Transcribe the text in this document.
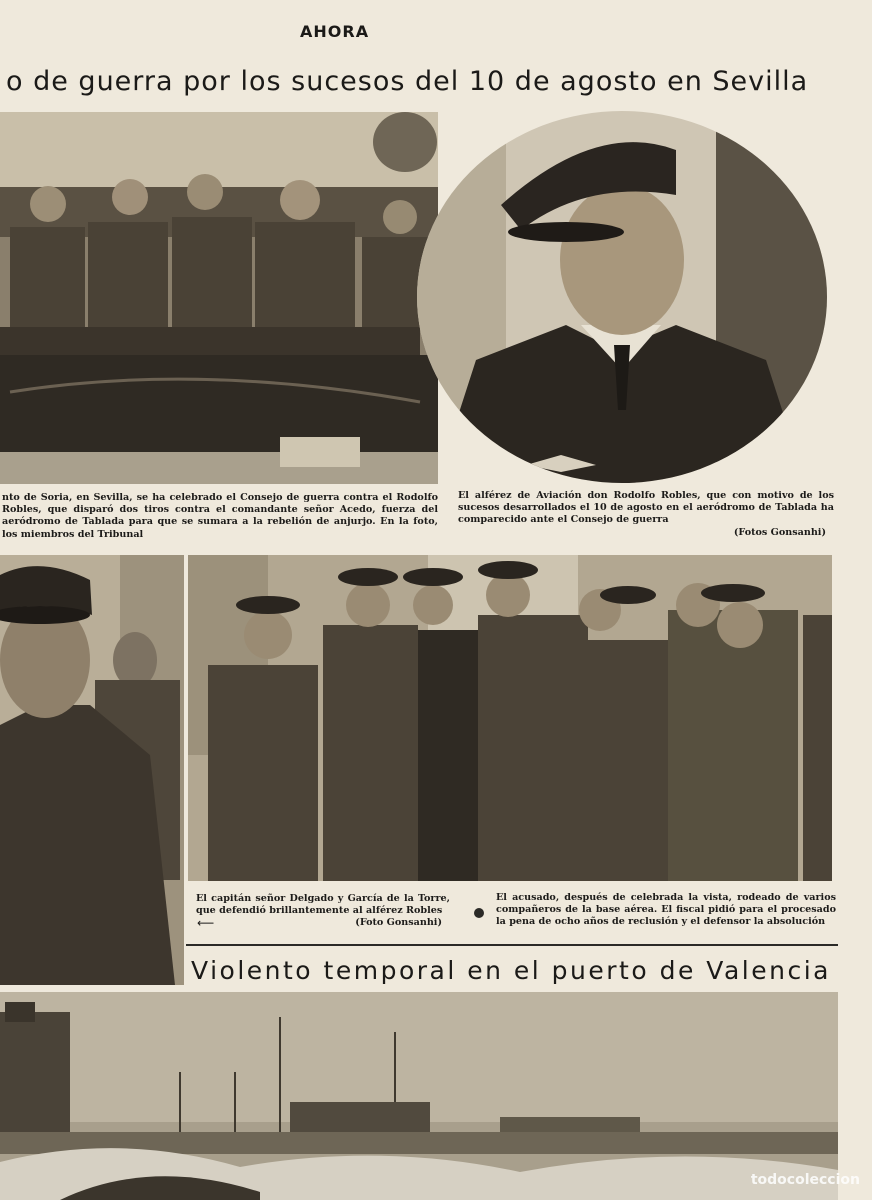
AHORA
o de guerra por los sucesos del 10 de agosto en Sevilla
nto de Soria, en Sevilla, se ha celebrado el Consejo de guerra contra el Rodolfo Robles, que disparó dos tiros contra el comandante señor Acedo, fuerza del aeródromo de Tablada para que se sumara a la rebelión de anjurjo. En la foto, los miembros del Tribunal
El alférez de Aviación don Rodolfo Robles, que con motivo de los sucesos desarrollados el 10 de agosto en el aeródromo de Tablada ha comparecido ante el Consejo de guerra
(Fotos Gonsanhi)
El capitán señor Delgado y García de la Torre, que defendió brillantemente al alférez Robles
(Foto Gonsanhi)
⟵
El acusado, después de celebrada la vista, rodeado de varios compañeros de la base aérea. El fiscal pidió para el procesado la pena de ocho años de reclusión y el defensor la absolución
Violento temporal en el puerto de Valencia
todocoleccion
